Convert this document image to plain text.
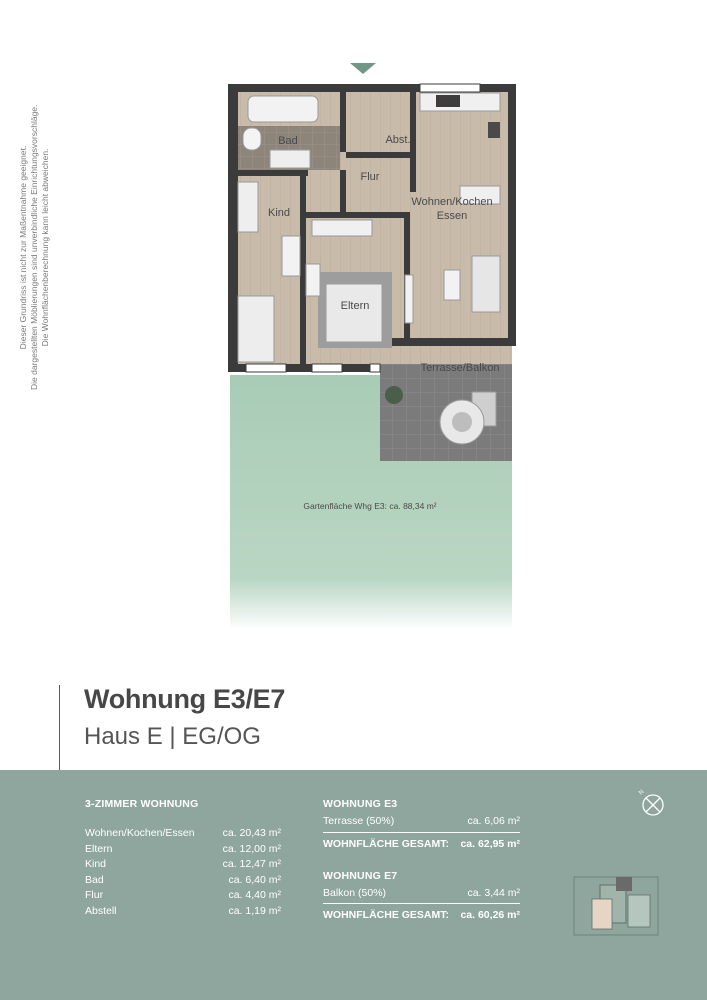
Dieser Grundriss ist nicht zur Maßentnahme geeignet. Die dargestellten Möblierungen sind unverbindliche Einrichtungsvorschläge. Die Wohnflächenberechnung kann leicht abweichen.
Bad	Abst.
Flur
Kind
Wohnen/Kochen
Essen
Eltern
Terrasse/Balkon
Gartenfläche Whg E3: ca. 88,34 m²
Wohnung E3/E7
Haus E | EG/OG
3-ZIMMER WOHNUNG
Wohnen/Kochen/Essen	ca. 20,43 m²
Eltern	ca. 12,00 m²
Kind	ca. 12,47 m²
Bad	ca. 6,40 m²
Flur	ca. 4,40 m²
Abstell	ca. 1,19 m²
WOHNUNG E3
Terrasse (50%)	ca. 6,06 m²
WOHNFLÄCHE GESAMT: ca. 62,95 m²
WOHNUNG E7
Balkon (50%)	ca. 3,44 m²
WOHNFLÄCHE GESAMT: ca. 60,26 m²
N
